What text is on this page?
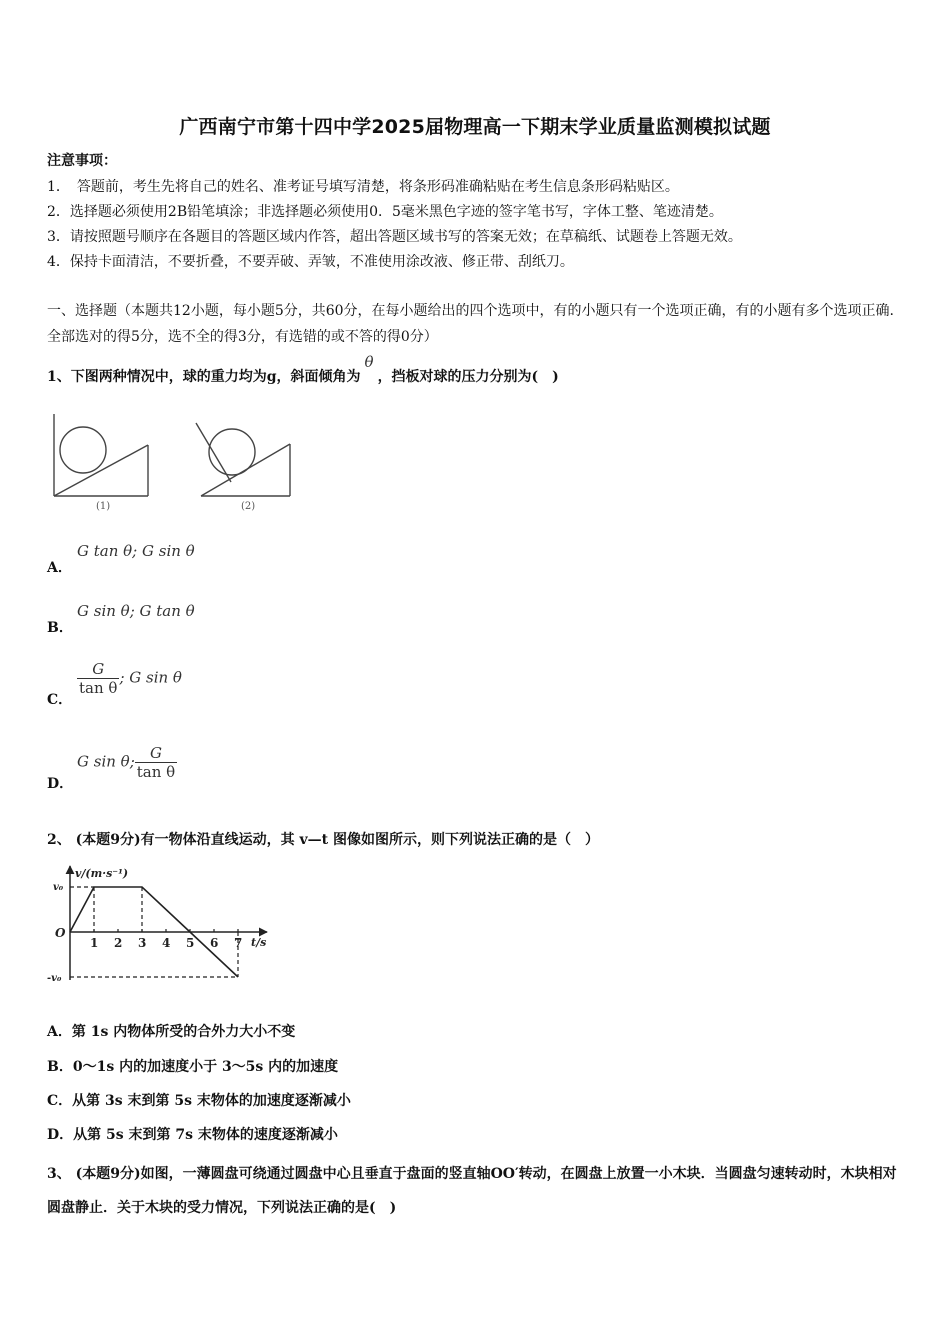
广西南宁市第十四中学2025届物理高一下期末学业质量监测模拟试题
注意事项：
1．　答题前，考生先将自己的姓名、准考证号填写清楚，将条形码准确粘贴在考生信息条形码粘贴区。
2．选择题必须使用2B铅笔填涂；非选择题必须使用0．5毫米黑色字迹的签字笔书写，字体工整、笔迹清楚。
3．请按照题号顺序在各题目的答题区域内作答，超出答题区域书写的答案无效；在草稿纸、试题卷上答题无效。
4．保持卡面清洁，不要折叠，不要弄破、弄皱，不准使用涂改液、修正带、刮纸刀。
一、选择题（本题共12小题，每小题5分，共60分，在每小题给出的四个选项中，有的小题只有一个选项正确，有的小题有多个选项正确.全部选对的得5分，选不全的得3分，有选错的或不答的得0分）
1、下图两种情况中，球的重力均为g，斜面倾角为θ，挡板对球的压力分别为(　)
(1)	(2)
A．
G tan θ; G sin θ
B．
G sin θ; G tan θ
C．
$\frac{G}{\text{tan θ}}$ ; G sin θ
D．
G sin θ; $\frac{G}{\text{tan θ}}$
2、 (本题9分)有一物体沿直线运动，其 v—t 图像如图所示，则下列说法正确的是（　）
1 2 3 4 5 6 7
v/(m·s⁻¹)
t/s
O
v₀
-v₀
A．第 1s 内物体所受的合外力大小不变
B．0～1s 内的加速度小于 3～5s 内的加速度
C．从第 3s 末到第 5s 末物体的加速度逐渐减小
D．从第 5s 末到第 7s 末物体的速度逐渐减小
3、 (本题9分)如图，一薄圆盘可绕通过圆盘中心且垂直于盘面的竖直轴OO′转动，在圆盘上放置一小木块．当圆盘匀速转动时，木块相对圆盘静止．关于木块的受力情况，下列说法正确的是(　)
